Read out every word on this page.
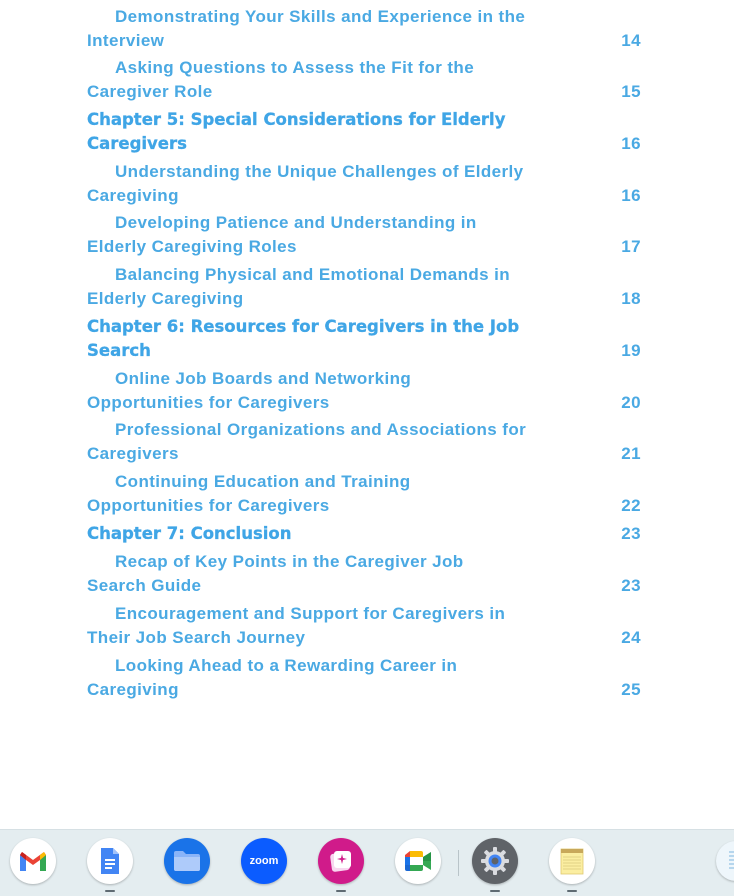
Demonstrating Your Skills and Experience in the Interview	14
Asking Questions to Assess the Fit for the Caregiver Role	15
Chapter 5: Special Considerations for Elderly Caregivers	16
Understanding the Unique Challenges of Elderly Caregiving	16
Developing Patience and Understanding in Elderly Caregiving Roles	17
Balancing Physical and Emotional Demands in Elderly Caregiving	18
Chapter 6: Resources for Caregivers in the Job Search	19
Online Job Boards and Networking Opportunities for Caregivers	20
Professional Organizations and Associations for Caregivers	21
Continuing Education and Training Opportunities for Caregivers	22
Chapter 7: Conclusion	23
Recap of Key Points in the Caregiver Job Search Guide	23
Encouragement and Support for Caregivers in Their Job Search Journey	24
Looking Ahead to a Rewarding Career in Caregiving	25
zoom
